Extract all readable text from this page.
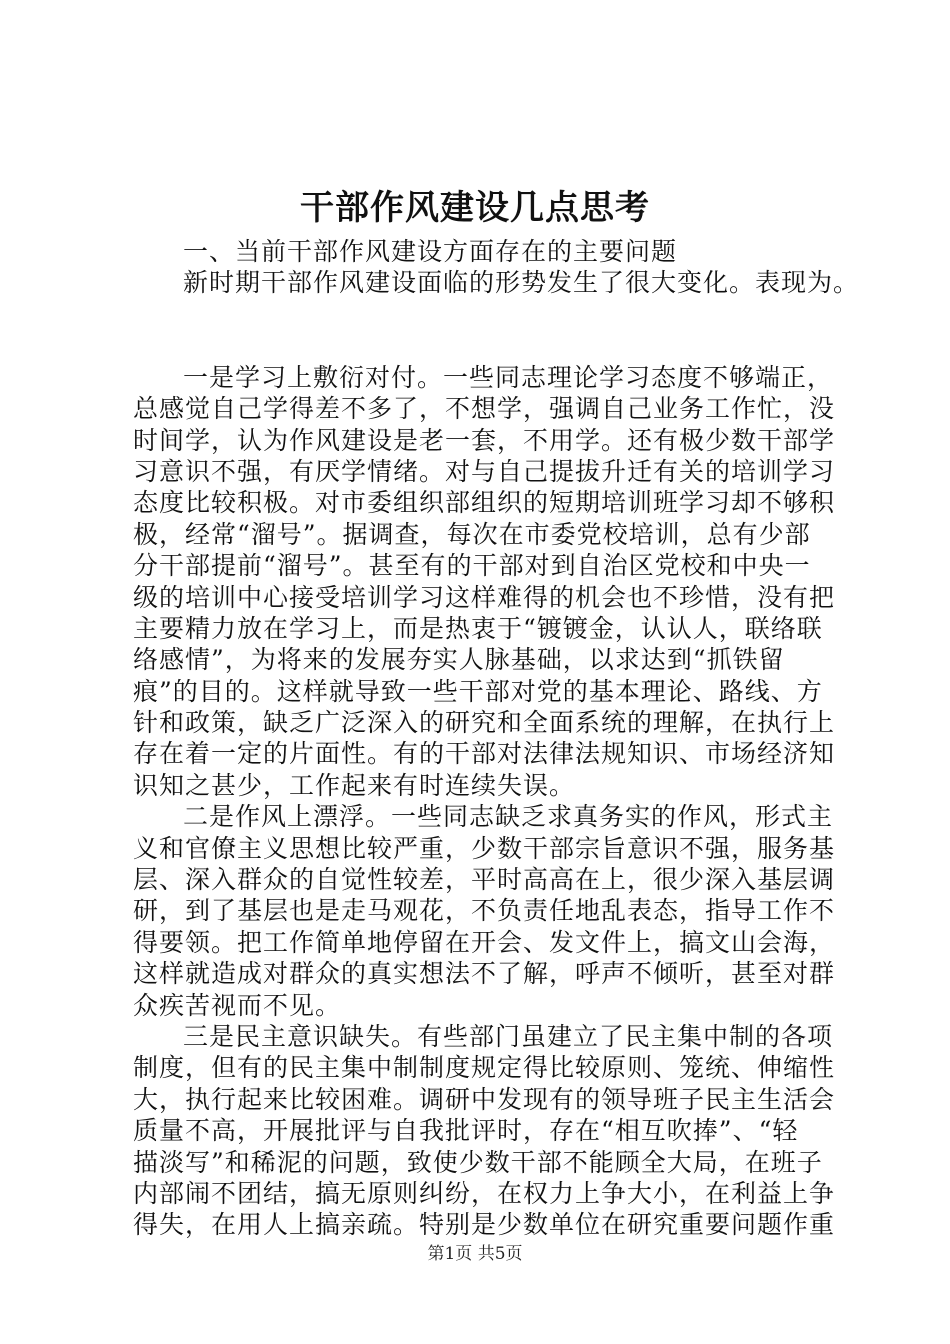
干部作风建设几点思考
一、当前干部作风建设方面存在的主要问题
新时期干部作风建设面临的形势发生了很大变化。表现为。
一是学习上敷衍对付。一些同志理论学习态度不够端正，
总感觉自己学得差不多了，不想学，强调自己业务工作忙，没
时间学，认为作风建设是老一套，不用学。还有极少数干部学
习意识不强，有厌学情绪。对与自己提拔升迁有关的培训学习
态度比较积极。对市委组织部组织的短期培训班学习却不够积
极，经常“溜号”。据调查，每次在市委党校培训，总有少部
分干部提前“溜号”。甚至有的干部对到自治区党校和中央一
级的培训中心接受培训学习这样难得的机会也不珍惜，没有把
主要精力放在学习上，而是热衷于“镀镀金，认认人，联络联
络感情”，为将来的发展夯实人脉基础，以求达到“抓铁留
痕”的目的。这样就导致一些干部对党的基本理论、路线、方
针和政策，缺乏广泛深入的研究和全面系统的理解，在执行上
存在着一定的片面性。有的干部对法律法规知识、市场经济知
识知之甚少，工作起来有时连续失误。
二是作风上漂浮。一些同志缺乏求真务实的作风，形式主
义和官僚主义思想比较严重，少数干部宗旨意识不强，服务基
层、深入群众的自觉性较差，平时高高在上，很少深入基层调
研，到了基层也是走马观花，不负责任地乱表态，指导工作不
得要领。把工作简单地停留在开会、发文件上，搞文山会海，
这样就造成对群众的真实想法不了解，呼声不倾听，甚至对群
众疾苦视而不见。
三是民主意识缺失。有些部门虽建立了民主集中制的各项
制度，但有的民主集中制制度规定得比较原则、笼统、伸缩性
大，执行起来比较困难。调研中发现有的领导班子民主生活会
质量不高，开展批评与自我批评时，存在“相互吹捧”、“轻
描淡写”和稀泥的问题，致使少数干部不能顾全大局，在班子
内部闹不团结，搞无原则纠纷，在权力上争大小，在利益上争
得失，在用人上搞亲疏。特别是少数单位在研究重要问题作重
第1页 共5页
